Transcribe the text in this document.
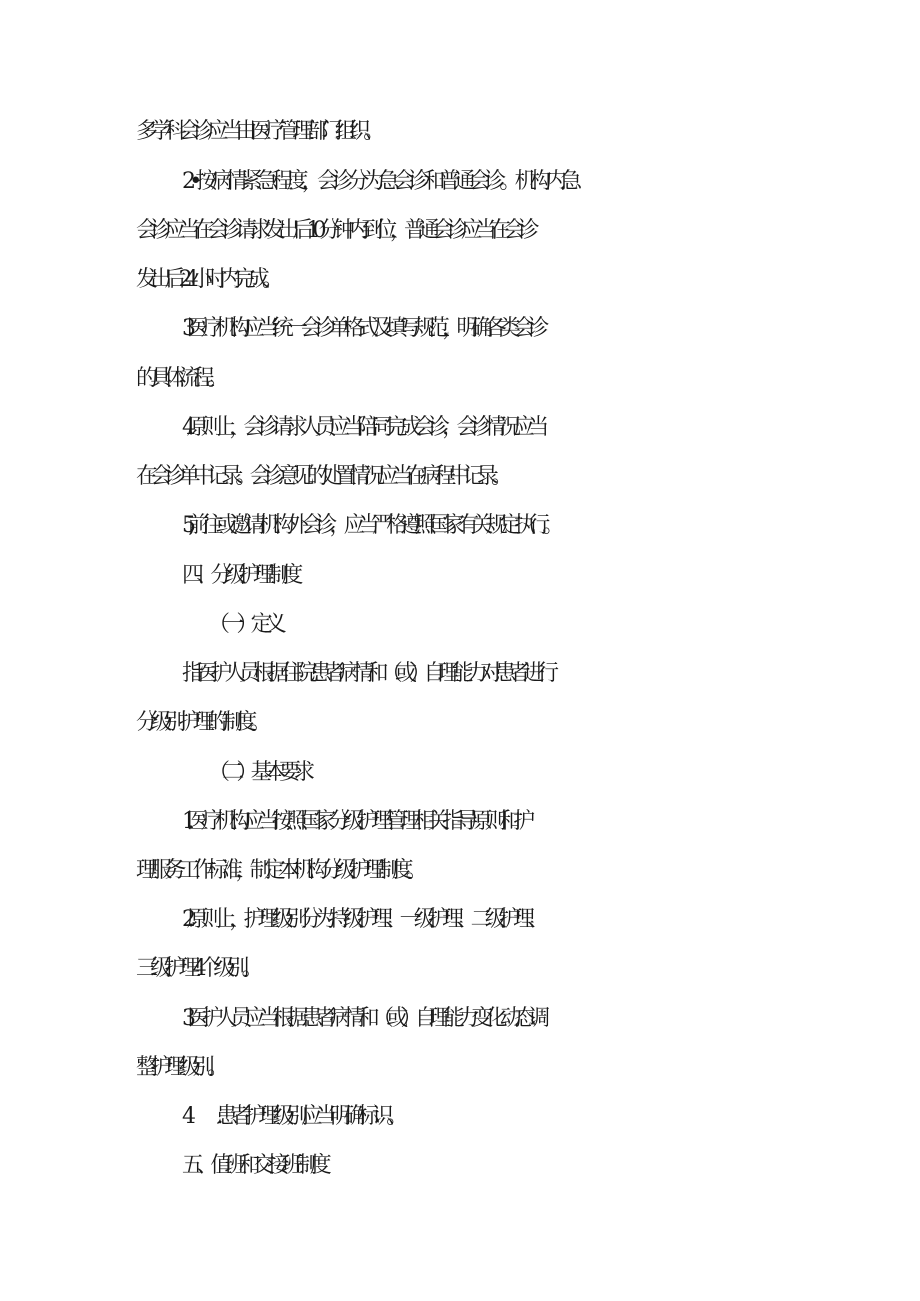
多学科会诊应当由医疗管理部门组织。
2•按病情紧急程度，会诊分为急会诊和普通会诊。机构内急
会诊应当在会诊请求发出后10分钟内到位，普通会诊应当在会诊
发出后24小时内完成。
3 .医疗机构应当统一会诊单格式及填写规范，明确各类会诊
的具体流程。
4 .原则上，会诊请求人员应当陪同完成会诊，会诊情况应当
在会诊单中记录。会诊意见的处置情况应当在病程中记录。
5,前往或邀请机构外会诊，应当严格遵照国家有关规定执行。
四、分级护理制度
（一）定义
指医护人员根据住院患者病情和（或）自理能力对患者进行
分级别护理的制度。
（二）基本要求
1 .医疗机构应当按照国家分级护理管理相关指导原则和护
理服务工作标准，制定本机构分级护理制度。
2 .原则上，护理级别分为特级护理、一级护理、二级护理、
三级护理4个级别。
3.医护人员应当根据患者病情和（或）自理能力变化动态调
整护理级别。
4　　.患者护理级别应当明确标识。
五、值班和交接班制度
